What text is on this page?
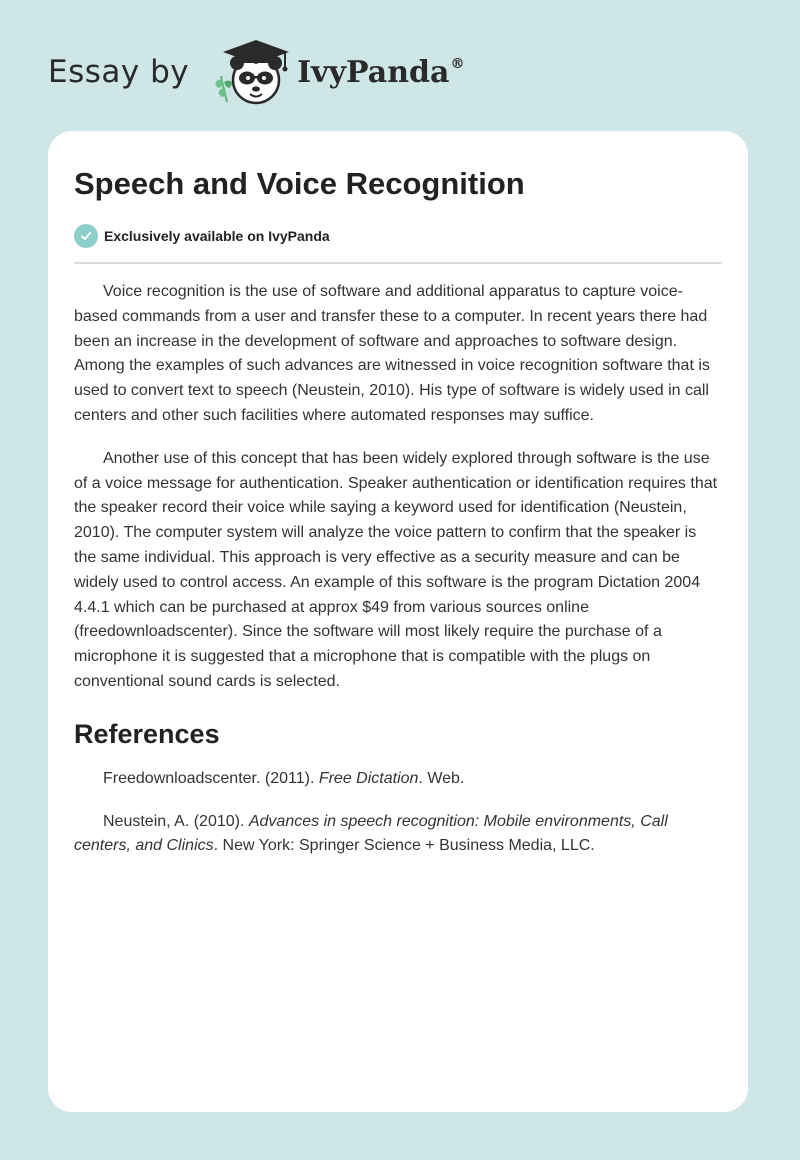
Essay by	IvyPanda®
Speech and Voice Recognition
Exclusively available on IvyPanda

Voice recognition is the use of software and additional apparatus to capture voice-based commands from a user and transfer these to a computer. In recent years there had been an increase in the development of software and approaches to software design. Among the examples of such advances are witnessed in voice recognition software that is used to convert text to speech (Neustein, 2010). His type of software is widely used in call centers and other such facilities where automated responses may suffice.

Another use of this concept that has been widely explored through software is the use of a voice message for authentication. Speaker authentication or identification requires that the speaker record their voice while saying a keyword used for identification (Neustein, 2010). The computer system will analyze the voice pattern to confirm that the speaker is the same individual. This approach is very effective as a security measure and can be widely used to control access. An example of this software is the program Dictation 2004 4.4.1 which can be purchased at approx $49 from various sources online (freedownloadscenter). Since the software will most likely require the purchase of a microphone it is suggested that a microphone that is compatible with the plugs on conventional sound cards is selected.

References

Freedownloadscenter. (2011). Free Dictation. Web.

Neustein, A. (2010). Advances in speech recognition: Mobile environments, Call centers, and Clinics. New York: Springer Science + Business Media, LLC.
